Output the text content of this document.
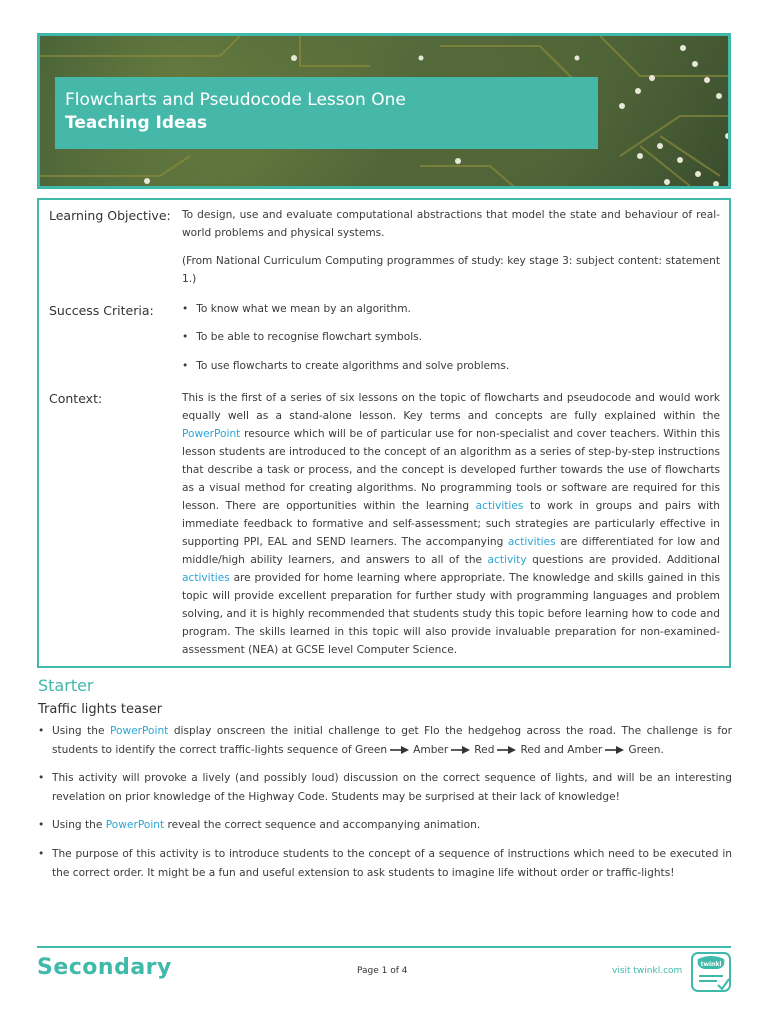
Flowcharts and Pseudocode Lesson One
Teaching Ideas
Learning Objective: To design, use and evaluate computational abstractions that model the state and behaviour of real-world problems and physical systems.
(From National Curriculum Computing programmes of study: key stage 3: subject content: statement 1.)
Success Criteria:
•	To know what we mean by an algorithm.
• To be able to recognise flowchart symbols.
• To use flowcharts to create algorithms and solve problems.
Context:	This is the first of a series of six lessons on the topic of flowcharts and pseudocode and would work equally well as a stand-alone lesson. Key terms and concepts are fully explained within the PowerPoint resource which will be of particular use for non-specialist and cover teachers. Within this lesson students are introduced to the concept of an algorithm as a series of step-by-step instructions that describe a task or process, and the concept is developed further towards the use of flowcharts as a visual method for creating algorithms. No programming tools or software are required for this lesson. There are opportunities within the learning activities to work in groups and pairs with immediate feedback to formative and self-assessment; such strategies are particularly effective in supporting PPI, EAL and SEND learners. The accompanying activities are differentiated for low and middle/high ability learners, and answers to all of the activity questions are provided. Additional activities are provided for home learning where appropriate. The knowledge and skills gained in this topic will provide excellent preparation for further study with programming languages and problem solving, and it is highly recommended that students study this topic before learning how to code and program. The skills learned in this topic will also provide invaluable preparation for non-examined-assessment (NEA) at GCSE level Computer Science.
Starter
Traffic lights teaser
• Using the PowerPoint display onscreen the initial challenge to get Flo the hedgehog across the road. The challenge is for students to identify the correct traffic-lights sequence of Green Amber Red Red and Amber Green.
• This activity will provoke a lively (and possibly loud) discussion on the correct sequence of lights, and will be an interesting revelation on prior knowledge of the Highway Code. Students may be surprised at their lack of knowledge!
• Using the PowerPoint reveal the correct sequence and accompanying animation.
• The purpose of this activity is to introduce students to the concept of a sequence of instructions which need to be executed in the correct order. It might be a fun and useful extension to ask students to imagine life without order or traffic-lights!
Secondary	Page 1 of 4	visit twinkl.com
twinkl
